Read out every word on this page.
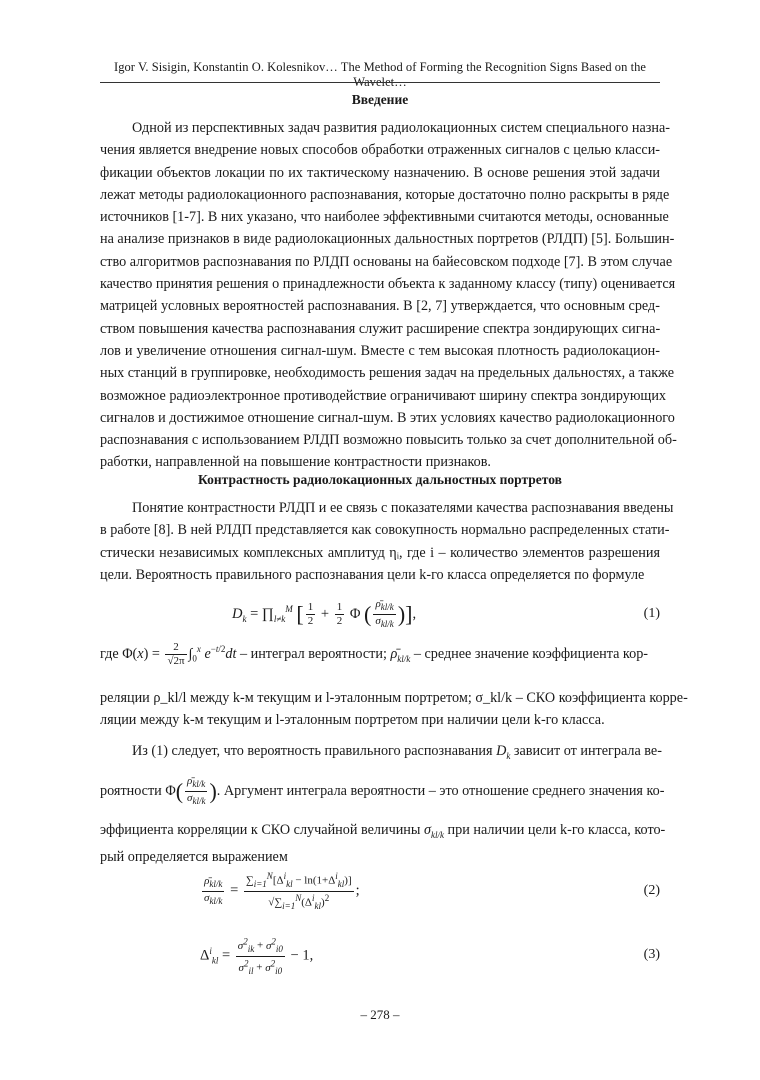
Igor V. Sisigin, Konstantin O. Kolesnikov… The Method of Forming the Recognition Signs Based on the Wavelet…
Введение

Одной из перспективных задач развития радиолокационных систем специального назна-
чения является внедрение новых способов обработки отраженных сигналов с целью класси-
фикации объектов локации по их тактическому назначению. В основе решения этой задачи
лежат методы радиолокационного распознавания, которые достаточно полно раскрыты в ряде
источников [1-7]. В них указано, что наиболее эффективными считаются методы, основанные
на анализе признаков в виде радиолокационных дальностных портретов (РЛДП) [5]. Большин-
ство алгоритмов распознавания по РЛДП основаны на байесовском подходе [7]. В этом случае
качество принятия решения о принадлежности объекта к заданному классу (типу) оценивается
матрицей условных вероятностей распознавания. В [2, 7] утверждается, что основным сред-
ством повышения качества распознавания служит расширение спектра зондирующих сигна-
лов и увеличение отношения сигнал-шум. Вместе с тем высокая плотность радиолокацион-
ных станций в группировке, необходимость решения задач на предельных дальностях, а также
возможное радиоэлектронное противодействие ограничивают ширину спектра зондирующих
сигналов и достижимое отношение сигнал-шум. В этих условиях качество радиолокационного
распознавания с использованием РЛДП возможно повысить только за счет дополнительной об-
работки, направленной на повышение контрастности признаков.

Контрастность радиолокационных дальностных портретов

Понятие контрастности РЛДП и ее связь с показателями качества распознавания введены
в работе [8]. В ней РЛДП представляется как совокупность нормально распределенных стати-
стически независимых комплексных амплитуд ηᵢ, где i – количество элементов разрешения
цели. Вероятность правильного распознавания цели k-го класса определяется по формуле

$D_k$ = $\prod_{l\ne k}^M$ [ $\frac{1}{2} + \frac{1}{2}$ Φ ( $\frac{\rhō_{kl/k}}{\sigma_{kl/k}}$ )],	(1)
где $\Phi(x) = \frac{2}{√2\pi} \int_0^x$ $e^{-t/2}dt$ – интеграл вероятности; $\rhō_{kl/k}$ – среднее значение коэффициента кор-

реляции ρ_kl/l между k-м текущим и l-эталонным портретом; σ_kl/k – СКО коэффициента корре-
ляции между k-м текущим и l-эталонным портретом при наличии цели k-го класса.

Из (1) следует, что вероятность правильного распознавания $D_k$ зависит от интеграла ве-
роятности $\Phi( \frac{\rhō_{kl/k}}{\sigma_{kl/k}}$ ). Аргумент интеграла вероятности – это отношение среднего значения ко-
эффициента корреляции к СКО случайной величины $\sigma_{kl/k}$ при наличии цели k-го класса, кото-
рый определяется выражением
$\frac{\rhō_{kl/k}}{\sigma_{kl/k}} = \frac{\sum_{i=1}^N[\Delta^i_{kl} - \ln(1+\Delta^i_{kl})]}{√\sum_{i=1}^N(\Delta^i_{kl})^2}$ ;	(2)
$\Delta^i_{kl} = \frac{\sigma^2_{ik} + \sigma^2_{i0}}{\sigma^2_{il} + \sigma^2_{i0}} - 1$,	(3)
– 278 –
